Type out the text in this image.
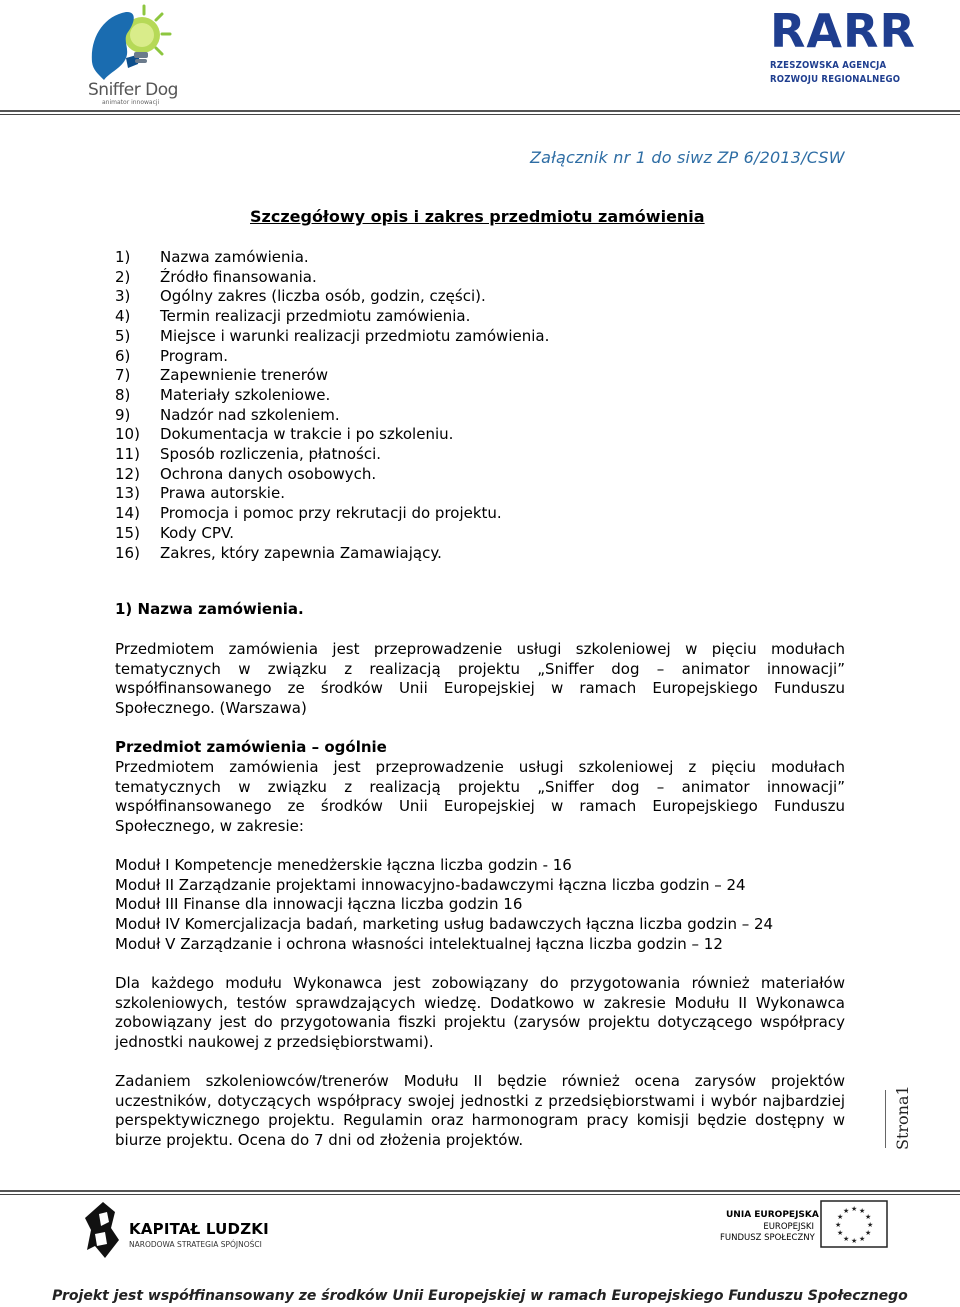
Sniffer Dog
animator innowacji
RARR
RZESZOWSKA AGENCJA
ROZWOJU REGIONALNEGO
Załącznik nr 1 do siwz ZP 6/2013/CSW
Szczegółowy opis i zakres przedmiotu zamówienia
1) Nazwa zamówienia.
2) Źródło finansowania.
3) Ogólny zakres (liczba osób, godzin, części).
4) Termin realizacji przedmiotu zamówienia.
5) Miejsce i warunki realizacji przedmiotu zamówienia.
6) Program.
7) Zapewnienie trenerów
8) Materiały szkoleniowe.
9) Nadzór nad szkoleniem.
10) Dokumentacja w trakcie i po szkoleniu.
11) Sposób rozliczenia, płatności.
12) Ochrona danych osobowych.
13) Prawa autorskie.
14) Promocja i pomoc przy rekrutacji do projektu.
15) Kody CPV.
16) Zakres, który zapewnia Zamawiający.
1) Nazwa zamówienia.
Przedmiotem zamówienia jest przeprowadzenie usługi szkoleniowej w pięciu modułach tematycznych w związku z realizacją projektu „Sniffer dog – animator innowacji” współfinansowanego ze środków Unii Europejskiej w ramach Europejskiego Funduszu Społecznego. (Warszawa)
Przedmiot zamówienia – ogólnie
Przedmiotem zamówienia jest przeprowadzenie usługi szkoleniowej z pięciu modułach tematycznych w związku z realizacją projektu „Sniffer dog – animator innowacji” współfinansowanego ze środków Unii Europejskiej w ramach Europejskiego Funduszu Społecznego, w zakresie:
Moduł I Kompetencje menedżerskie łączna liczba godzin - 16
Moduł II Zarządzanie projektami innowacyjno-badawczymi łączna liczba godzin – 24
Moduł III Finanse dla innowacji łączna liczba godzin 16
Moduł IV Komercjalizacja badań, marketing usług badawczych łączna liczba godzin – 24
Moduł V Zarządzanie i ochrona własności intelektualnej łączna liczba godzin – 12
Dla każdego modułu Wykonawca jest zobowiązany do przygotowania również materiałów szkoleniowych, testów sprawdzających wiedzę. Dodatkowo w zakresie Modułu II Wykonawca zobowiązany jest do przygotowania fiszki projektu (zarysów projektu dotyczącego współpracy jednostki naukowej z przedsiębiorstwami).
Zadaniem szkoleniowców/trenerów Modułu II będzie również ocena zarysów projektów uczestników, dotyczących współpracy swojej jednostki z przedsiębiorstwami i wybór najbardziej perspektywicznego projektu. Regulamin oraz harmonogram pracy komisji będzie dostępny w biurze projektu. Ocena do 7 dni od złożenia projektów.	Strona1
KAPITAŁ LUDZKI
NARODOWA STRATEGIA SPÓJNOŚCI
UNIA EUROPEJSKA
EUROPEJSKI
FUNDUSZ SPOŁECZNY
★ ★
★
★
★
★
★
★
★
★
★
★
Projekt jest współfinansowany ze środków Unii Europejskiej w ramach Europejskiego Funduszu Społecznego
